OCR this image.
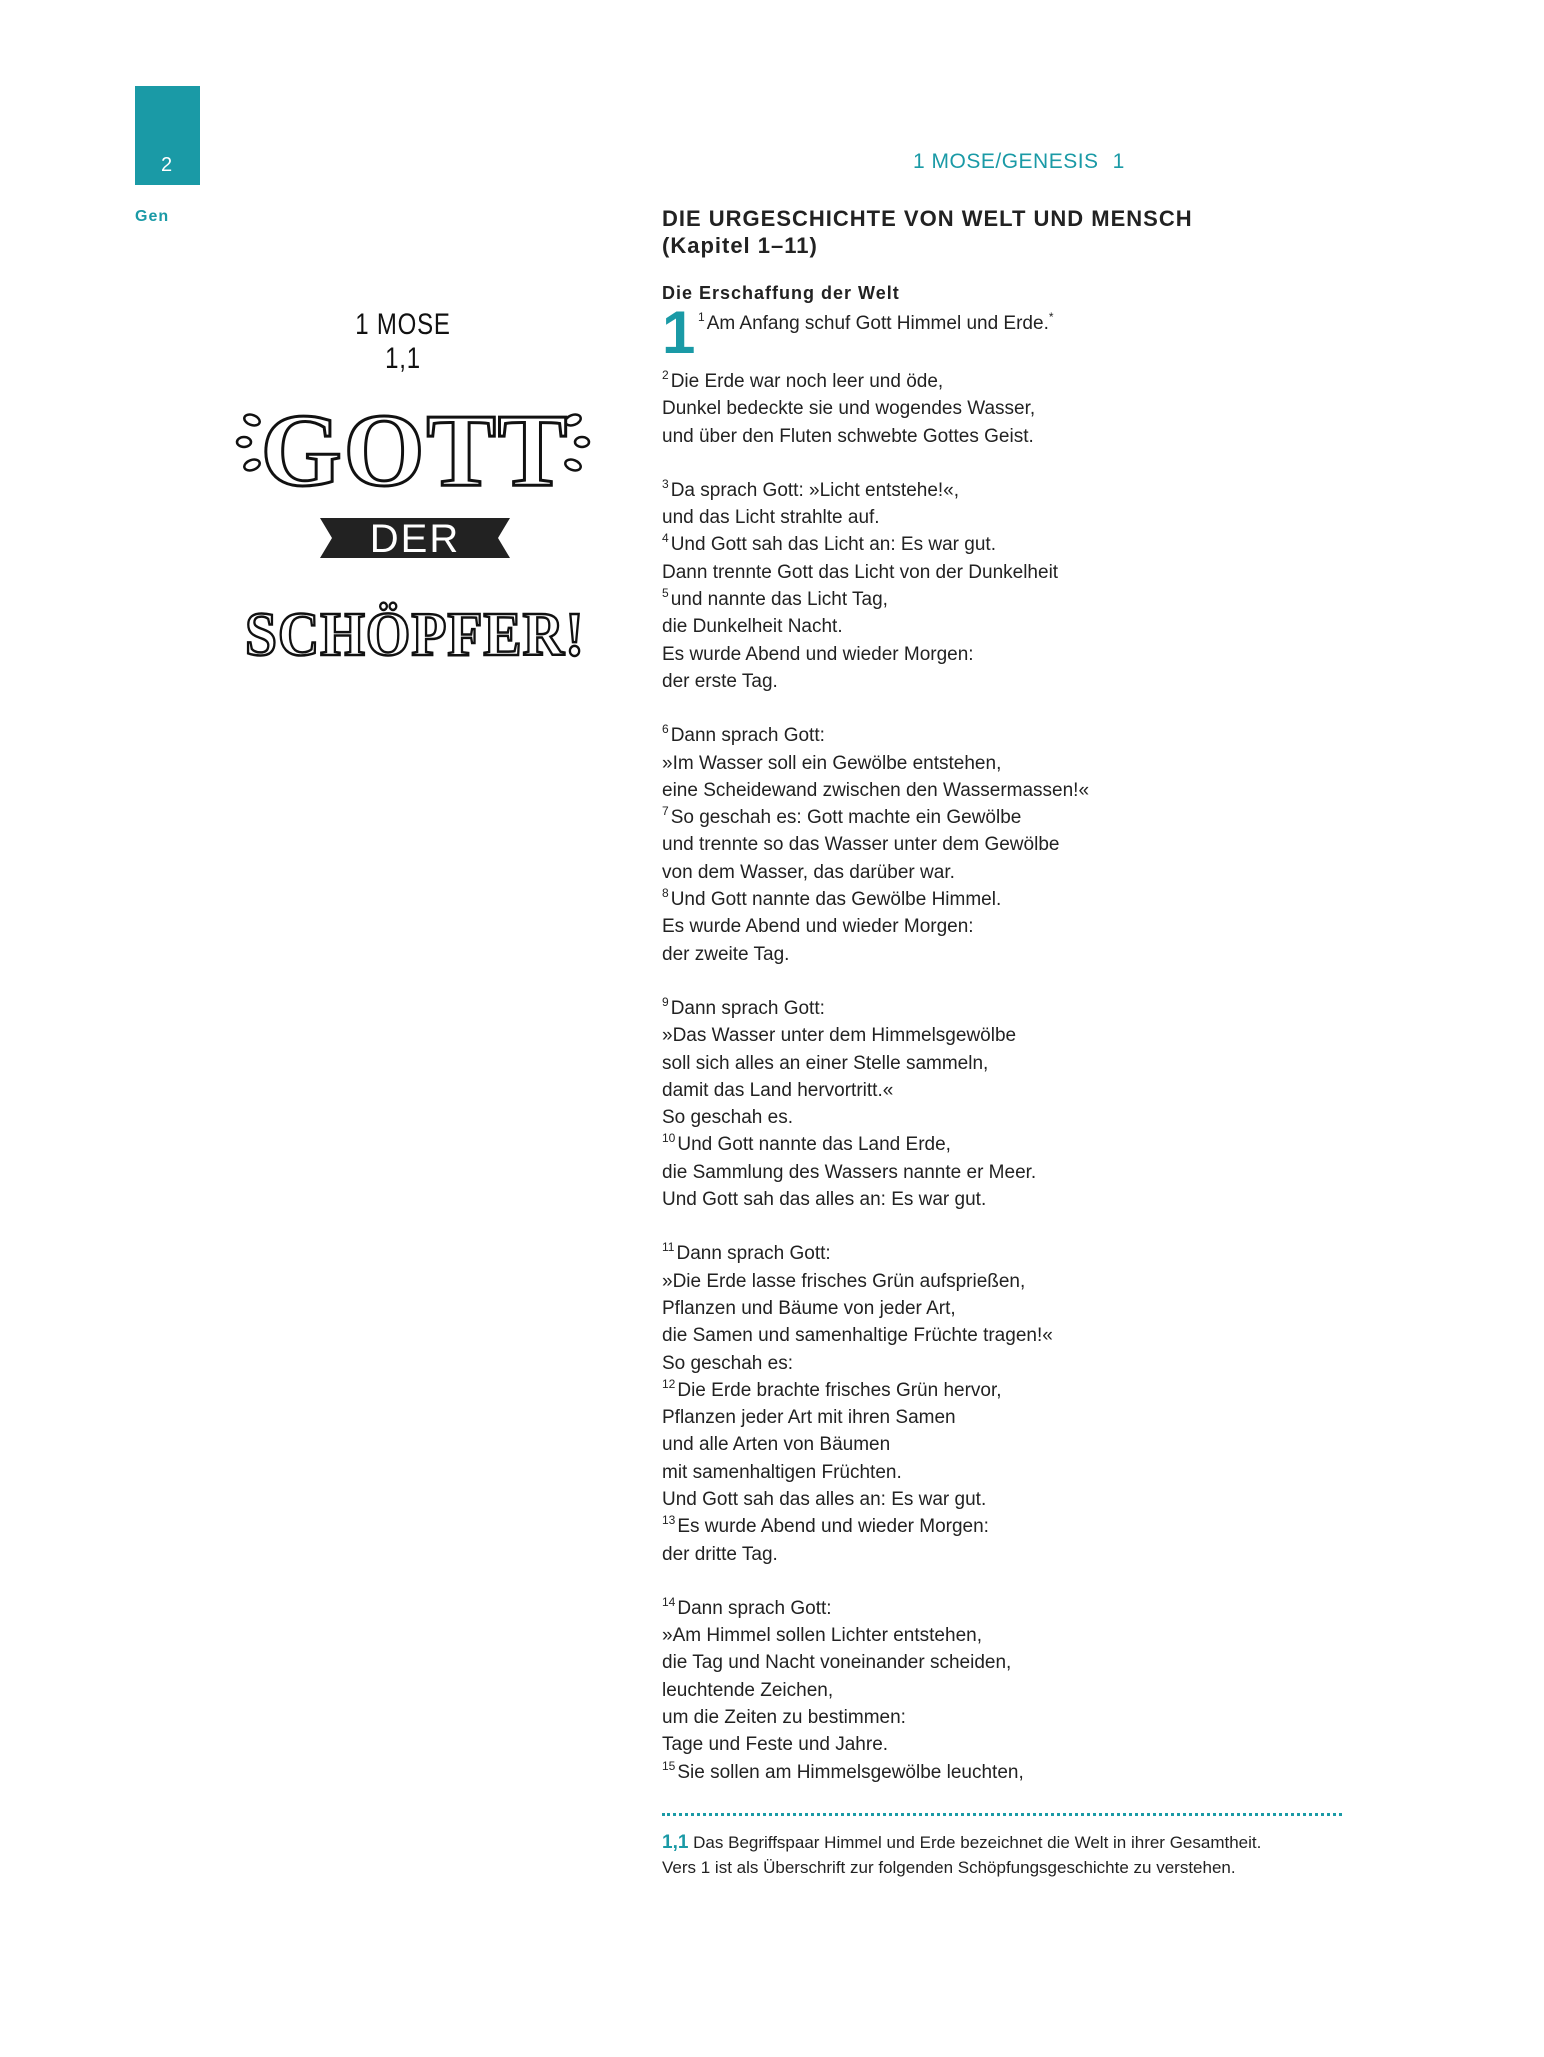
2
Gen
1 MOSE/GENESIS 1
1 MOSE 1,1
GOTT
DER
SCHÖPFER!
DIE URGESCHICHTE VON WELT UND MENSCH
(Kapitel 1–11)
Die Erschaffung der Welt
1 $^1$ Am Anfang schuf Gott Himmel und Erde.*
$^2$ Die Erde war noch leer und öde,
Dunkel bedeckte sie und wogendes Wasser,
und über den Fluten schwebte Gottes Geist.
$^3$ Da sprach Gott: »Licht entstehe!«,
und das Licht strahlte auf.
$^4$ Und Gott sah das Licht an: Es war gut.
Dann trennte Gott das Licht von der Dunkelheit
$^5$ und nannte das Licht Tag,
die Dunkelheit Nacht.
Es wurde Abend und wieder Morgen:
der erste Tag.
$^6$ Dann sprach Gott:
»Im Wasser soll ein Gewölbe entstehen,
eine Scheidewand zwischen den Wassermassen!«
$^7$ So geschah es: Gott machte ein Gewölbe
und trennte so das Wasser unter dem Gewölbe
von dem Wasser, das darüber war.
$^8$ Und Gott nannte das Gewölbe Himmel.
Es wurde Abend und wieder Morgen:
der zweite Tag.
$^9$ Dann sprach Gott:
»Das Wasser unter dem Himmelsgewölbe
soll sich alles an einer Stelle sammeln,
damit das Land hervortritt.«
So geschah es.
$^{10}$ Und Gott nannte das Land Erde,
die Sammlung des Wassers nannte er Meer.
Und Gott sah das alles an: Es war gut.
$^{11}$ Dann sprach Gott:
»Die Erde lasse frisches Grün aufsprießen,
Pflanzen und Bäume von jeder Art,
die Samen und samenhaltige Früchte tragen!«
So geschah es:
$^{12}$ Die Erde brachte frisches Grün hervor,
Pflanzen jeder Art mit ihren Samen
und alle Arten von Bäumen
mit samenhaltigen Früchten.
Und Gott sah das alles an: Es war gut.
$^{13}$ Es wurde Abend und wieder Morgen:
der dritte Tag.
$^{14}$ Dann sprach Gott:
»Am Himmel sollen Lichter entstehen,
die Tag und Nacht voneinander scheiden,
leuchtende Zeichen,
um die Zeiten zu bestimmen:
Tage und Feste und Jahre.
$^{15}$ Sie sollen am Himmelsgewölbe leuchten,
1,1 Das Begriffspaar Himmel und Erde bezeichnet die Welt in ihrer Gesamtheit.
Vers 1 ist als Überschrift zur folgenden Schöpfungsgeschichte zu verstehen.
